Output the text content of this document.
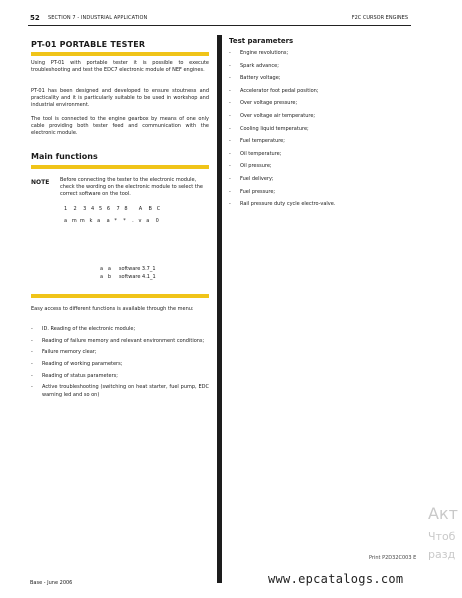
52 SECTION 7 - INDUSTRIAL APPLICATION	F2C CURSOR ENGINES
PT-01 PORTABLE TESTER

Using PT-01 with portable tester it is possible to execute troubleshooting and test the EDC7 electronic module of NEF engines.

PT-01 has been designed and developed to ensure stoutness and practicality and it is particularly suitable to be used in workshop and industrial environment.

The tool is connected to the engine gearbox by means of one only cable providing both tester feed and communication with the electronic module.

Main functions
NOTE Before connecting the tester to the electronic module, check the wording on the electronic module to select the correct software on the tool.

1    2    3   4   5   6    7   8       A    B   C
a   m  m   k   a    a   *    *    .   v   a    0
a   a     software 3.7_1
a   b     software 4.1_1

Easy access to different functions is available through the menu:

- ID. Reading of the electronic module;
- Reading of failure memory and relevant environment conditions;
- Failure memory clear;
- Reading of working parameters;
- Reading of status parameters;
- Active troubleshooting (switching on heat starter, fuel pump, EDC warning led and so on)
Test parameters
- Engine revolutions;
- Spark advance;
- Battery voltage;
- Accelerator foot pedal position;
- Over voltage pressure;
- Over voltage air temperature;
- Cooling liquid temperature;
- Fuel temperature;
- Oil temperature;
- Oil pressure;
- Fuel delivery;
- Fuel pressure;
- Rail pressure duty cycle electro-valve.
Base - June 2006
Print P2D32C003 E
www.epcatalogs.com
Акт
Чтоб
разд
